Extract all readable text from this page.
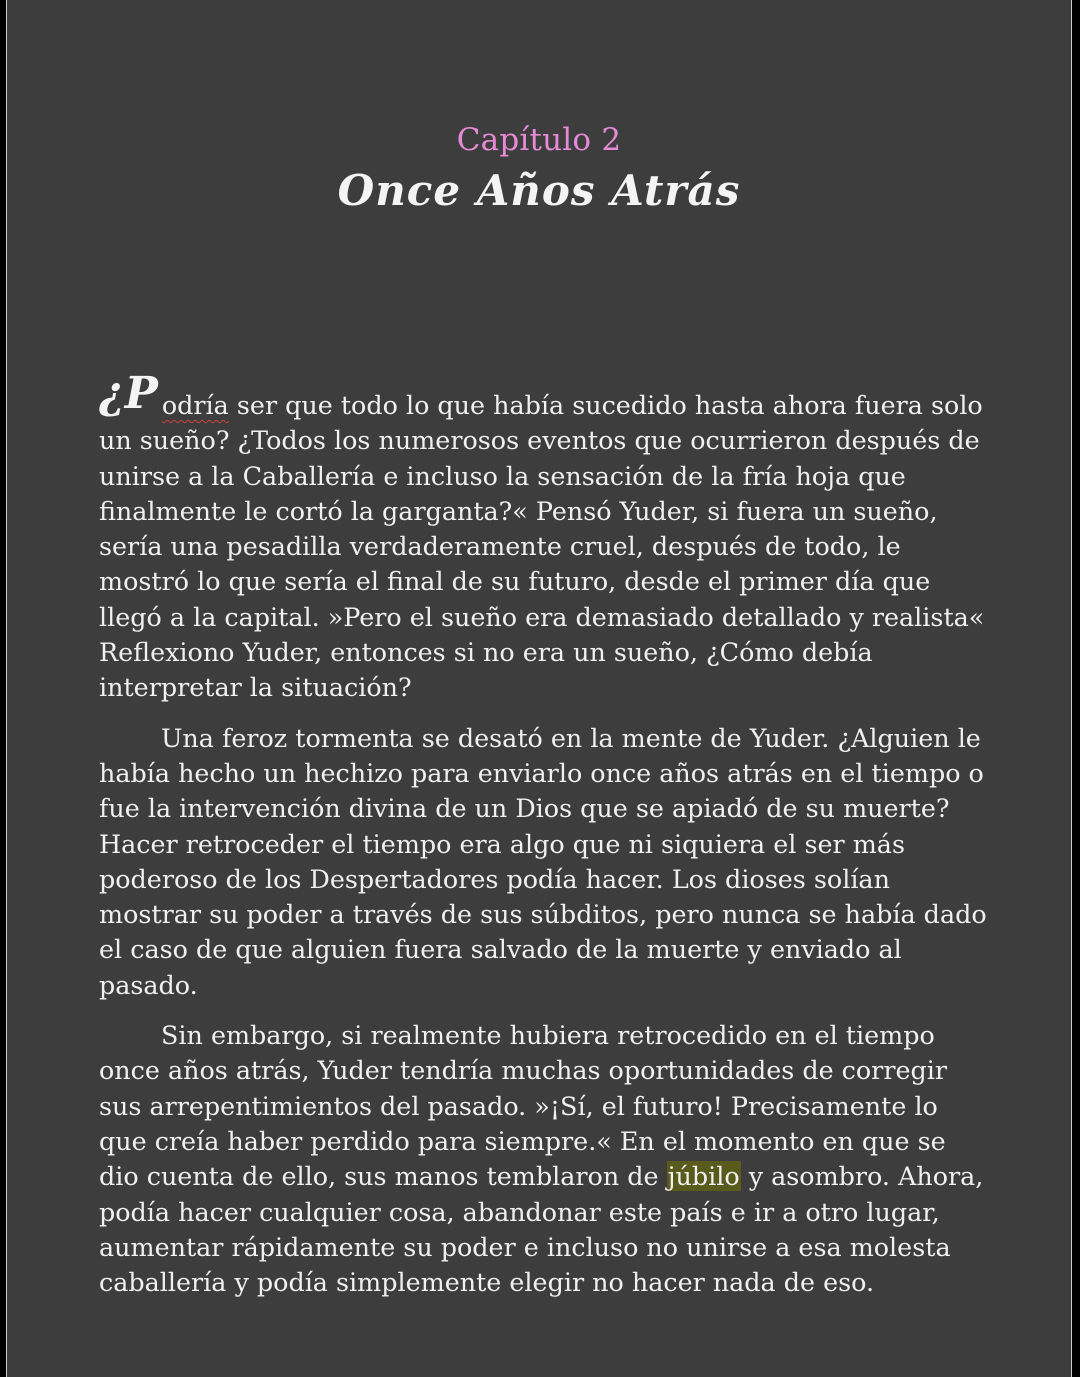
Capítulo 2
Once Años Atrás

¿P odría ser que todo lo que había sucedido hasta ahora fuera solo un sueño? ¿Todos los numerosos eventos que ocurrieron después de unirse a la Caballería e incluso la sensación de la fría hoja que finalmente le cortó la garganta?« Pensó Yuder, si fuera un sueño, sería una pesadilla verdaderamente cruel, después de todo, le mostró lo que sería el final de su futuro, desde el primer día que llegó a la capital. »Pero el sueño era demasiado detallado y realista« Reflexiono Yuder, entonces si no era un sueño, ¿Cómo debía interpretar la situación?

Una feroz tormenta se desató en la mente de Yuder. ¿Alguien le había hecho un hechizo para enviarlo once años atrás en el tiempo o fue la intervención divina de un Dios que se apiadó de su muerte? Hacer retroceder el tiempo era algo que ni siquiera el ser más poderoso de los Despertadores podía hacer. Los dioses solían mostrar su poder a través de sus súbditos, pero nunca se había dado el caso de que alguien fuera salvado de la muerte y enviado al pasado.

Sin embargo, si realmente hubiera retrocedido en el tiempo once años atrás, Yuder tendría muchas oportunidades de corregir sus arrepentimientos del pasado. »¡Sí, el futuro! Precisamente lo que creía haber perdido para siempre.« En el momento en que se dio cuenta de ello, sus manos temblaron de júbilo y asombro. Ahora, podía hacer cualquier cosa, abandonar este país e ir a otro lugar, aumentar rápidamente su poder e incluso no unirse a esa molesta caballería y podía simplemente elegir no hacer nada de eso.
